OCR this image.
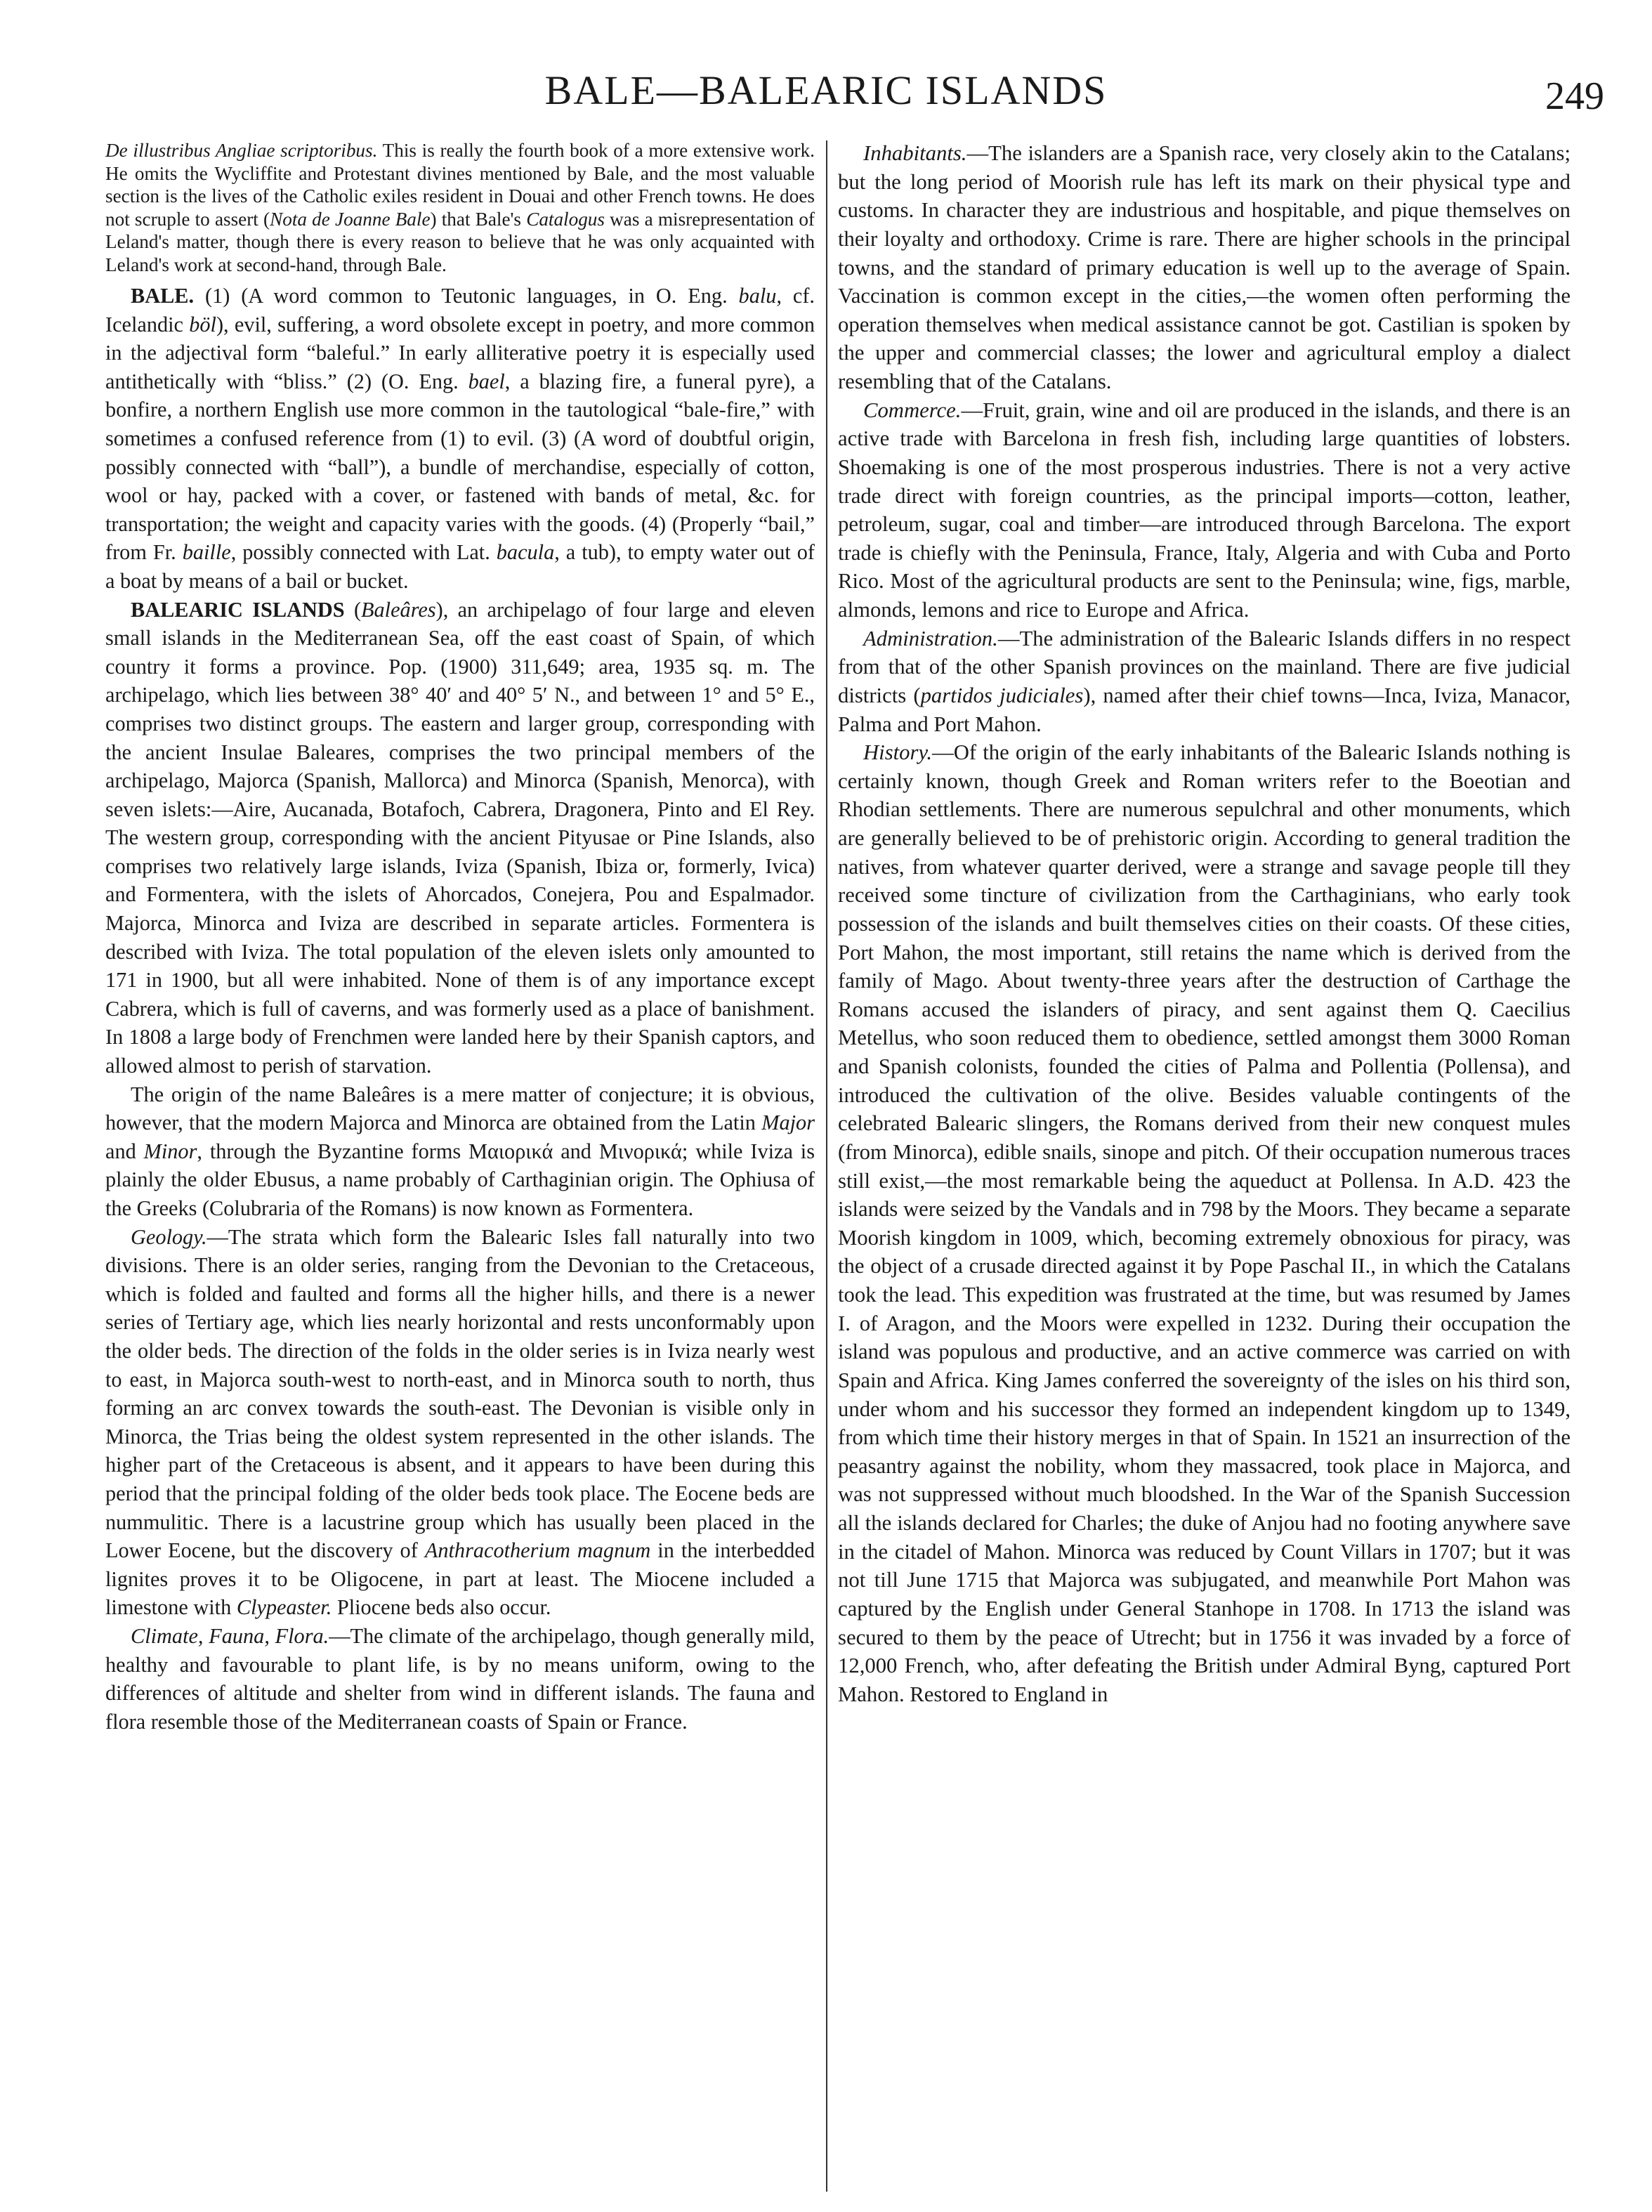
BALE—BALEARIC ISLANDS	249

De illustribus Angliae scriptoribus. This is really the fourth book of a more extensive work. He omits the Wycliffite and Protestant divines mentioned by Bale, and the most valuable section is the lives of the Catholic exiles resident in Douai and other French towns. He does not scruple to assert (Nota de Joanne Bale) that Bale's Catalogus was a misrepresentation of Leland's matter, though there is every reason to believe that he was only acquainted with Leland's work at second-hand, through Bale.

BALE. (1) (A word common to Teutonic languages, in O. Eng. balu, cf. Icelandic böl), evil, suffering, a word obsolete except in poetry, and more common in the adjectival form “baleful.” In early alliterative poetry it is especially used antithetically with “bliss.” (2) (O. Eng. bael, a blazing fire, a funeral pyre), a bonfire, a northern English use more common in the tautological “bale-fire,” with sometimes a confused reference from (1) to evil. (3) (A word of doubtful origin, possibly connected with “ball”), a bundle of merchandise, especially of cotton, wool or hay, packed with a cover, or fastened with bands of metal, &c. for transportation; the weight and capacity varies with the goods. (4) (Properly “bail,” from Fr. baille, possibly connected with Lat. bacula, a tub), to empty water out of a boat by means of a bail or bucket.

BALEARIC ISLANDS (Baleâres), an archipelago of four large and eleven small islands in the Mediterranean Sea, off the east coast of Spain, of which country it forms a province. Pop. (1900) 311,649; area, 1935 sq. m. The archipelago, which lies between 38° 40′ and 40° 5′ N., and between 1° and 5° E., comprises two distinct groups. The eastern and larger group, corresponding with the ancient Insulae Baleares, comprises the two principal members of the archipelago, Majorca (Spanish, Mallorca) and Minorca (Spanish, Menorca), with seven islets:—Aire, Aucanada, Botafoch, Cabrera, Dragonera, Pinto and El Rey. The western group, corresponding with the ancient Pityusae or Pine Islands, also comprises two relatively large islands, Iviza (Spanish, Ibiza or, formerly, Ivica) and Formentera, with the islets of Ahorcados, Conejera, Pou and Espalmador. Majorca, Minorca and Iviza are described in separate articles. Formentera is described with Iviza. The total population of the eleven islets only amounted to 171 in 1900, but all were inhabited. None of them is of any importance except Cabrera, which is full of caverns, and was formerly used as a place of banishment. In 1808 a large body of Frenchmen were landed here by their Spanish captors, and allowed almost to perish of starvation.

The origin of the name Baleâres is a mere matter of conjecture; it is obvious, however, that the modern Majorca and Minorca are obtained from the Latin Major and Minor, through the Byzantine forms Μαιορικά and Μινορικά; while Iviza is plainly the older Ebusus, a name probably of Carthaginian origin. The Ophiusa of the Greeks (Colubraria of the Romans) is now known as Formentera.

Geology.—The strata which form the Balearic Isles fall naturally into two divisions. There is an older series, ranging from the Devonian to the Cretaceous, which is folded and faulted and forms all the higher hills, and there is a newer series of Tertiary age, which lies nearly horizontal and rests unconformably upon the older beds. The direction of the folds in the older series is in Iviza nearly west to east, in Majorca south-west to north-east, and in Minorca south to north, thus forming an arc convex towards the south-east. The Devonian is visible only in Minorca, the Trias being the oldest system represented in the other islands. The higher part of the Cretaceous is absent, and it appears to have been during this period that the principal folding of the older beds took place. The Eocene beds are nummulitic. There is a lacustrine group which has usually been placed in the Lower Eocene, but the discovery of Anthracotherium magnum in the interbedded lignites proves it to be Oligocene, in part at least. The Miocene included a limestone with Clypeaster. Pliocene beds also occur.

Climate, Fauna, Flora.—The climate of the archipelago, though generally mild, healthy and favourable to plant life, is by no means uniform, owing to the differences of altitude and shelter from wind in different islands. The fauna and flora resemble those of the Mediterranean coasts of Spain or France.

Inhabitants.—The islanders are a Spanish race, very closely akin to the Catalans; but the long period of Moorish rule has left its mark on their physical type and customs. In character they are industrious and hospitable, and pique themselves on their loyalty and orthodoxy. Crime is rare. There are higher schools in the principal towns, and the standard of primary education is well up to the average of Spain. Vaccination is common except in the cities,—the women often performing the operation themselves when medical assistance cannot be got. Castilian is spoken by the upper and commercial classes; the lower and agricultural employ a dialect resembling that of the Catalans.

Commerce.—Fruit, grain, wine and oil are produced in the islands, and there is an active trade with Barcelona in fresh fish, including large quantities of lobsters. Shoemaking is one of the most prosperous industries. There is not a very active trade direct with foreign countries, as the principal imports—cotton, leather, petroleum, sugar, coal and timber—are introduced through Barcelona. The export trade is chiefly with the Peninsula, France, Italy, Algeria and with Cuba and Porto Rico. Most of the agricultural products are sent to the Peninsula; wine, figs, marble, almonds, lemons and rice to Europe and Africa.

Administration.—The administration of the Balearic Islands differs in no respect from that of the other Spanish provinces on the mainland. There are five judicial districts (partidos judiciales), named after their chief towns—Inca, Iviza, Manacor, Palma and Port Mahon.

History.—Of the origin of the early inhabitants of the Balearic Islands nothing is certainly known, though Greek and Roman writers refer to the Boeotian and Rhodian settlements. There are numerous sepulchral and other monuments, which are generally believed to be of prehistoric origin. According to general tradition the natives, from whatever quarter derived, were a strange and savage people till they received some tincture of civilization from the Carthaginians, who early took possession of the islands and built themselves cities on their coasts. Of these cities, Port Mahon, the most important, still retains the name which is derived from the family of Mago. About twenty-three years after the destruction of Carthage the Romans accused the islanders of piracy, and sent against them Q. Caecilius Metellus, who soon reduced them to obedience, settled amongst them 3000 Roman and Spanish colonists, founded the cities of Palma and Pollentia (Pollensa), and introduced the cultivation of the olive. Besides valuable contingents of the celebrated Balearic slingers, the Romans derived from their new conquest mules (from Minorca), edible snails, sinope and pitch. Of their occupation numerous traces still exist,—the most remarkable being the aqueduct at Pollensa. In A.D. 423 the islands were seized by the Vandals and in 798 by the Moors. They became a separate Moorish kingdom in 1009, which, becoming extremely obnoxious for piracy, was the object of a crusade directed against it by Pope Paschal II., in which the Catalans took the lead. This expedition was frustrated at the time, but was resumed by James I. of Aragon, and the Moors were expelled in 1232. During their occupation the island was populous and productive, and an active commerce was carried on with Spain and Africa. King James conferred the sovereignty of the isles on his third son, under whom and his successor they formed an independent kingdom up to 1349, from which time their history merges in that of Spain. In 1521 an insurrection of the peasantry against the nobility, whom they massacred, took place in Majorca, and was not suppressed without much bloodshed. In the War of the Spanish Succession all the islands declared for Charles; the duke of Anjou had no footing anywhere save in the citadel of Mahon. Minorca was reduced by Count Villars in 1707; but it was not till June 1715 that Majorca was subjugated, and meanwhile Port Mahon was captured by the English under General Stanhope in 1708. In 1713 the island was secured to them by the peace of Utrecht; but in 1756 it was invaded by a force of 12,000 French, who, after defeating the British under Admiral Byng, captured Port Mahon. Restored to England in
